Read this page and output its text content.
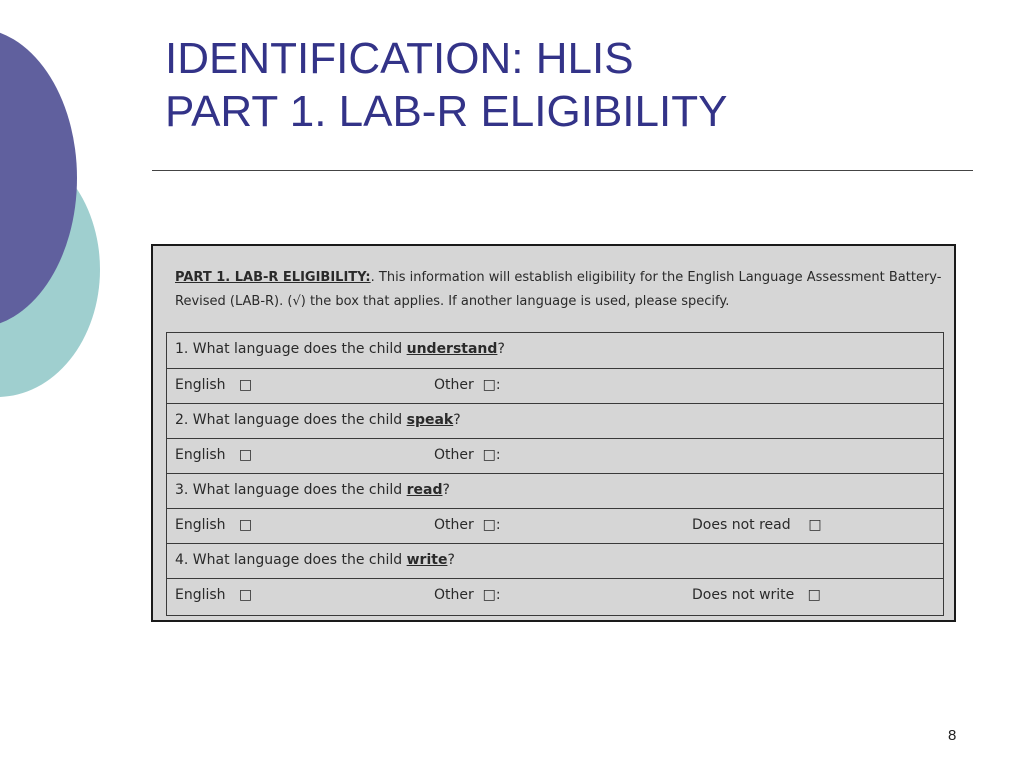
IDENTIFICATION: HLIS
PART 1. LAB-R ELIGIBILITY
PART 1. LAB-R ELIGIBILITY:. This information will establish eligibility for the English Language Assessment Battery-Revised (LAB-R). (√) the box that applies. If another language is used, please specify.
1. What language does the child understand?
English □	Other □:
2. What language does the child speak?
English □	Other □:
3. What language does the child read?
English □	Other □:	Does not read □
4. What language does the child write?
English □	Other □:	Does not write □
8
